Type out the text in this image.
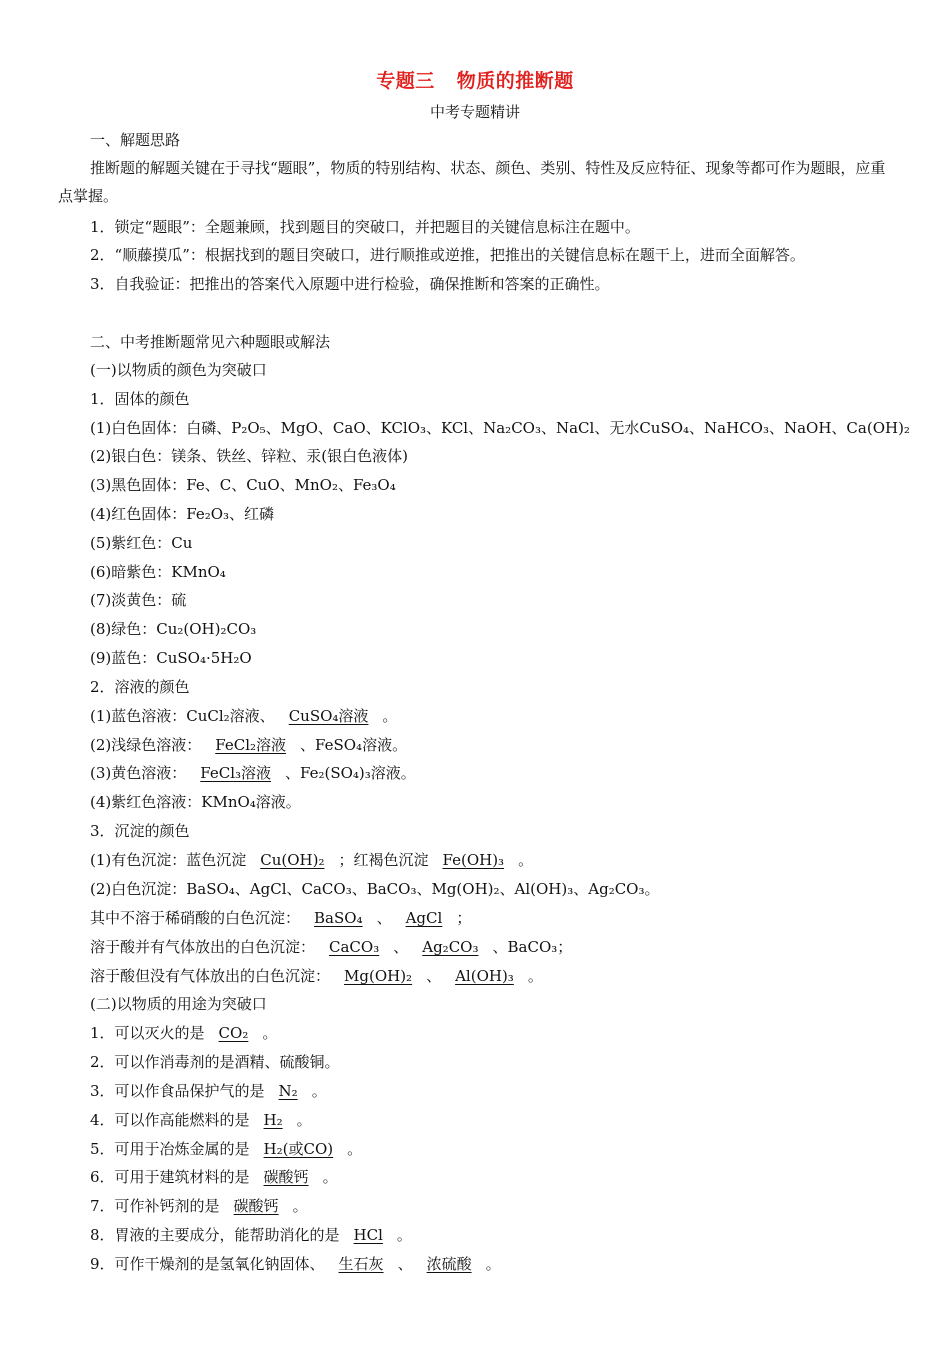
专题三 物质的推断题
中考专题精讲
一、解题思路
推断题的解题关键在于寻找“题眼”，物质的特别结构、状态、颜色、类别、特性及反应特征、现象等都可作为题眼，应重点掌握。
1．锁定“题眼”：全题兼顾，找到题目的突破口，并把题目的关键信息标注在题中。
2．“顺藤摸瓜”：根据找到的题目突破口，进行顺推或逆推，把推出的关键信息标在题干上，进而全面解答。
3．自我验证：把推出的答案代入原题中进行检验，确保推断和答案的正确性。
二、中考推断题常见六种题眼或解法
(一)以物质的颜色为突破口
1．固体的颜色
(1)白色固体：白磷、P₂O₅、MgO、CaO、KClO₃、KCl、Na₂CO₃、NaCl、无水CuSO₄、NaHCO₃、NaOH、Ca(OH)₂
(2)银白色：镁条、铁丝、锌粒、汞(银白色液体)
(3)黑色固体：Fe、C、CuO、MnO₂、Fe₃O₄
(4)红色固体：Fe₂O₃、红磷
(5)紫红色：Cu
(6)暗紫色：KMnO₄
(7)淡黄色：硫
(8)绿色：Cu₂(OH)₂CO₃
(9)蓝色：CuSO₄·5H₂O
2．溶液的颜色
(1)蓝色溶液：CuCl₂溶液、 CuSO₄溶液 。
(2)浅绿色溶液： FeCl₂溶液 、FeSO₄溶液。
(3)黄色溶液： FeCl₃溶液 、Fe₂(SO₄)₃溶液。
(4)紫红色溶液：KMnO₄溶液。
3．沉淀的颜色
(1)有色沉淀：蓝色沉淀 Cu(OH)₂ ；红褐色沉淀 Fe(OH)₃ 。
(2)白色沉淀：BaSO₄、AgCl、CaCO₃、BaCO₃、Mg(OH)₂、Al(OH)₃、Ag₂CO₃。
其中不溶于稀硝酸的白色沉淀： BaSO₄ 、 AgCl ；
溶于酸并有气体放出的白色沉淀： CaCO₃ 、 Ag₂CO₃ 、BaCO₃；
溶于酸但没有气体放出的白色沉淀： Mg(OH)₂ 、 Al(OH)₃ 。
(二)以物质的用途为突破口
1．可以灭火的是 CO₂ 。
2．可以作消毒剂的是酒精、硫酸铜。
3．可以作食品保护气的是 N₂ 。
4．可以作高能燃料的是 H₂ 。
5．可用于冶炼金属的是 H₂(或CO) 。
6．可用于建筑材料的是 碳酸钙 。
7．可作补钙剂的是 碳酸钙 。
8．胃液的主要成分，能帮助消化的是 HCl 。
9．可作干燥剂的是氢氧化钠固体、 生石灰 、 浓硫酸 。
